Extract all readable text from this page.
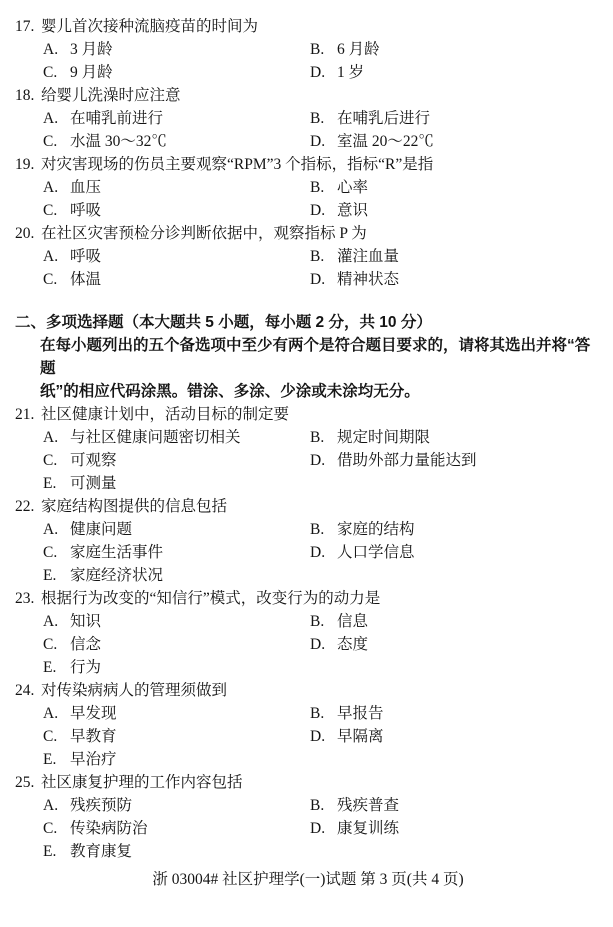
17. 婴儿首次接种流脑疫苗的时间为
A. 3 月龄	B. 6 月龄
C. 9 月龄	D. 1 岁
18. 给婴儿洗澡时应注意
A. 在哺乳前进行	B. 在哺乳后进行
C. 水温 30～32℃	D. 室温 20～22℃
19. 对灾害现场的伤员主要观察“RPM”3 个指标，指标“R”是指
A. 血压	B. 心率
C. 呼吸	D. 意识
20. 在社区灾害预检分诊判断依据中，观察指标 P 为
A. 呼吸	B. 灌注血量
C. 体温	D. 精神状态
二、多项选择题（本大题共 5 小题，每小题 2 分，共 10 分）
在每小题列出的五个备选项中至少有两个是符合题目要求的，请将其选出并将“答题
纸”的相应代码涂黑。错涂、多涂、少涂或未涂均无分。
21. 社区健康计划中，活动目标的制定要
A. 与社区健康问题密切相关	B. 规定时间期限
C. 可观察	D. 借助外部力量能达到
E. 可测量
22. 家庭结构图提供的信息包括
A. 健康问题	B. 家庭的结构
C. 家庭生活事件	D. 人口学信息
E. 家庭经济状况
23. 根据行为改变的“知信行”模式，改变行为的动力是
A. 知识	B. 信息
C. 信念	D. 态度
E. 行为
24. 对传染病病人的管理须做到
A. 早发现	B. 早报告
C. 早教育	D. 早隔离
E. 早治疗
25. 社区康复护理的工作内容包括
A. 残疾预防	B. 残疾普查
C. 传染病防治	D. 康复训练
E. 教育康复
浙 03004# 社区护理学(一)试题 第 3 页(共 4 页)
